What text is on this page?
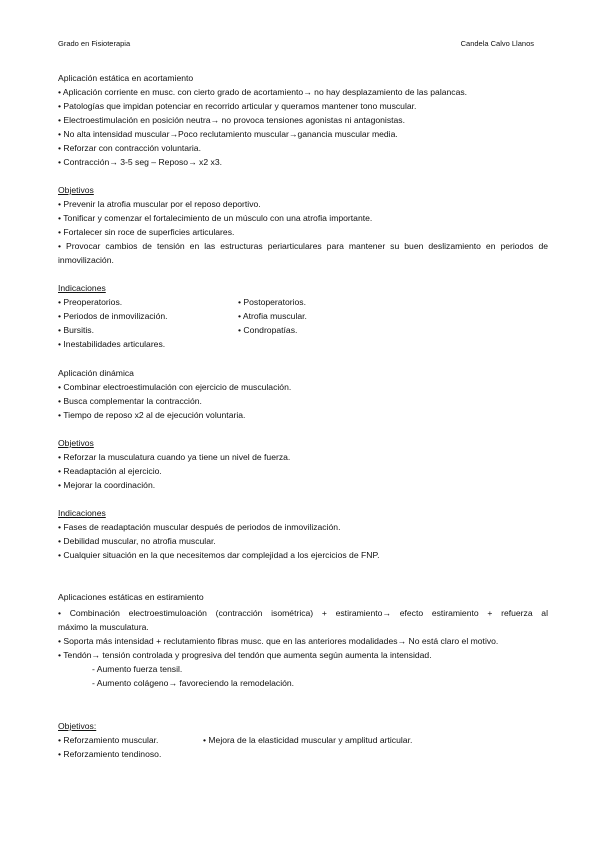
Grado en Fisioterapia	Candela Calvo Llanos
Aplicación estática en acortamiento
• Aplicación corriente en musc. con cierto grado de acortamiento→ no hay desplazamiento de las palancas.
• Patologías que impidan potenciar en recorrido articular y queramos mantener tono muscular.
• Electroestimulación en posición neutra→ no provoca tensiones agonistas ni antagonistas.
• No alta intensidad muscular→Poco reclutamiento muscular→ganancia muscular media.
• Reforzar con contracción voluntaria.
• Contracción→ 3-5 seg – Reposo→ x2 x3.
Objetivos
• Prevenir la atrofia muscular por el reposo deportivo.
• Tonificar y comenzar el fortalecimiento de un músculo con una atrofia importante.
• Fortalecer sin roce de superficies articulares.
• Provocar cambios de tensión en las estructuras periarticulares para mantener su buen deslizamiento en periodos de
inmovilización.
Indicaciones
• Preoperatorios.
• Periodos de inmovilización.
• Bursitis.
• Inestabilidades articulares.
• Postoperatorios.
• Atrofia muscular.
• Condropatías.
Aplicación dinámica
• Combinar electroestimulación con ejercicio de musculación.
• Busca complementar la contracción.
• Tiempo de reposo x2 al de ejecución voluntaria.
Objetivos
• Reforzar la musculatura cuando ya tiene un nivel de fuerza.
• Readaptación al ejercicio.
• Mejorar la coordinación.
Indicaciones
• Fases de readaptación muscular después de periodos de inmovilización.
• Debilidad muscular, no atrofia muscular.
• Cualquier situación en la que necesitemos dar complejidad a los ejercicios de FNP.
Aplicaciones estáticas en estiramiento
• Combinación electroestimuloación (contracción isométrica) + estiramiento→ efecto estiramiento + refuerza al
máximo la musculatura.
• Soporta más intensidad + reclutamiento fibras musc. que en las anteriores modalidades→ No está claro el motivo.
• Tendón→ tensión controlada y progresiva del tendón que aumenta según aumenta la intensidad.
- Aumento fuerza tensil.
- Aumento colágeno→ favoreciendo la remodelación.
Objetivos:
• Reforzamiento muscular.
• Reforzamiento tendinoso.
• Mejora de la elasticidad muscular y amplitud articular.
